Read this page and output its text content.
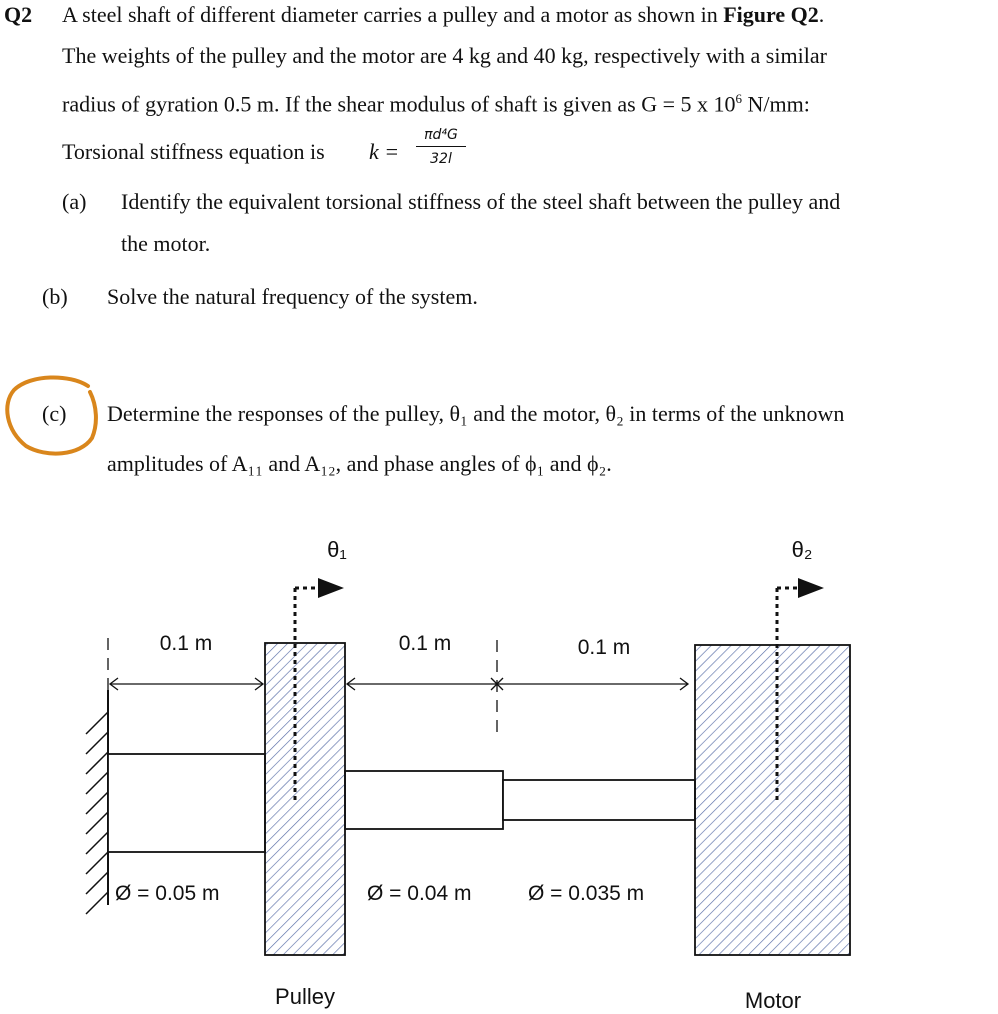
Q2 A steel shaft of different diameter carries a pulley and a motor as shown in Figure Q2.
The weights of the pulley and the motor are 4 kg and 40 kg, respectively with a similar
radius of gyration 0.5 m. If the shear modulus of shaft is given as G = 5 x $10^6$ N/mm:
Torsional stiffness equation is k =
πd⁴G
32l
(a) Identify the equivalent torsional stiffness of the steel shaft between the pulley and
the motor.
(b) Solve the natural frequency of the system.
(c) Determine the responses of the pulley, θ₁ and the motor, θ₂ in terms of the unknown
amplitudes of A₁₁ and A₁₂, and phase angles of ϕ₁ and ϕ₂.
θ₁	θ₂
0.1 m	0.1 m	0.1 m
Ø = 0.05 m	Ø = 0.04 m	Ø = 0.035 m
Pulley	Motor
